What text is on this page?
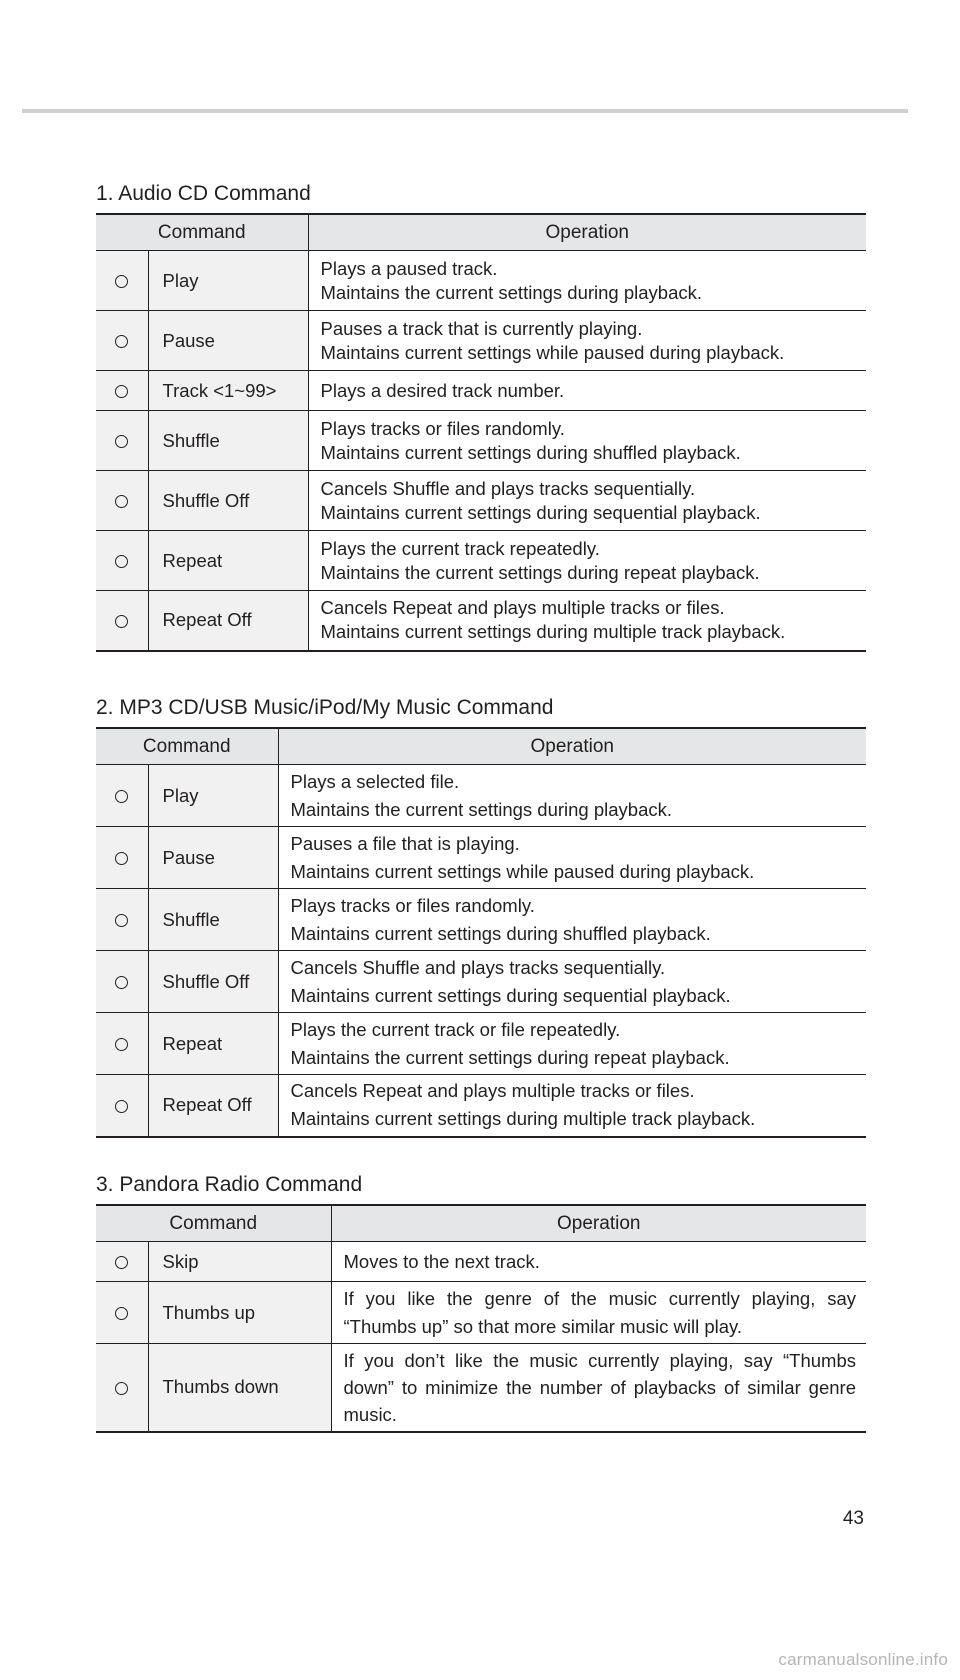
1. Audio CD Command
Command		Operation
	Play	Plays a paused track.
Maintains the current settings during playback.

	Pause	Pauses a track that is currently playing.
Maintains current settings while paused during playback.

	Track <1~99>	Plays a desired track number.

	Shuffle	Plays tracks or files randomly.
Maintains current settings during shuffled playback.

	Shuffle Off	Cancels Shuffle and plays tracks sequentially.
Maintains current settings during sequential playback.

	Repeat	Plays the current track repeatedly.
Maintains the current settings during repeat playback.

	Repeat Off	Cancels Repeat and plays multiple tracks or files.
Maintains current settings during multiple track playback.
2. MP3 CD/USB Music/iPod/My Music Command
Command		Operation
	Play	Plays a selected file.
Maintains the current settings during playback.

	Pause	Pauses a file that is playing.
Maintains current settings while paused during playback.

	Shuffle	Plays tracks or files randomly.
Maintains current settings during shuffled playback.

	Shuffle Off	Cancels Shuffle and plays tracks sequentially.
Maintains current settings during sequential playback.

	Repeat	Plays the current track or file repeatedly.
Maintains the current settings during repeat playback.

	Repeat Off	Cancels Repeat and plays multiple tracks or files.
Maintains current settings during multiple track playback.
3. Pandora Radio Command
Command		Operation
	Skip	Moves to the next track.
	Thumbs up	If you like the genre of the music currently playing, say “Thumbs up” so that more similar music will play.
	Thumbs down	If you don’t like the music currently playing, say “Thumbs down” to minimize the number of playbacks of similar genre music.
43
carmanualsonline.info
